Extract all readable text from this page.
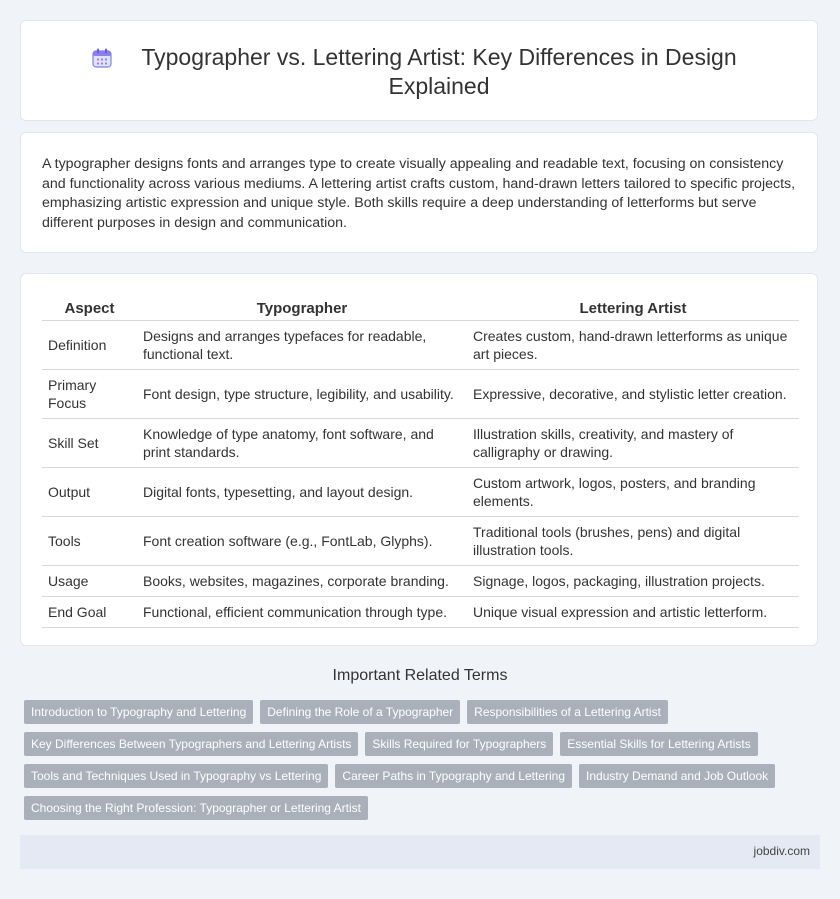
Typographer vs. Lettering Artist: Key Differences in Design Explained
A typographer designs fonts and arranges type to create visually appealing and readable text, focusing on consistency and functionality across various mediums. A lettering artist crafts custom, hand-drawn letters tailored to specific projects, emphasizing artistic expression and unique style. Both skills require a deep understanding of letterforms but serve different purposes in design and communication.
Aspect	Typographer	Lettering Artist
Definition	Designs and arranges typefaces for readable, functional text.	Creates custom, hand-drawn letterforms as unique art pieces.
Primary Focus	Font design, type structure, legibility, and usability.	Expressive, decorative, and stylistic letter creation.
Skill Set	Knowledge of type anatomy, font software, and print standards.	Illustration skills, creativity, and mastery of calligraphy or drawing.
Output	Digital fonts, typesetting, and layout design.	Custom artwork, logos, posters, and branding elements.
Tools	Font creation software (e.g., FontLab, Glyphs).	Traditional tools (brushes, pens) and digital illustration tools.
Usage	Books, websites, magazines, corporate branding.	Signage, logos, packaging, illustration projects.
End Goal	Functional, efficient communication through type.	Unique visual expression and artistic letterform.
Important Related Terms
Introduction to Typography and Lettering	Defining the Role of a Typographer	Responsibilities of a Lettering Artist
Key Differences Between Typographers and Lettering Artists	Skills Required for Typographers	Essential Skills for Lettering Artists
Tools and Techniques Used in Typography vs Lettering	Career Paths in Typography and Lettering	Industry Demand and Job Outlook
Choosing the Right Profession: Typographer or Lettering Artist
jobdiv.com
